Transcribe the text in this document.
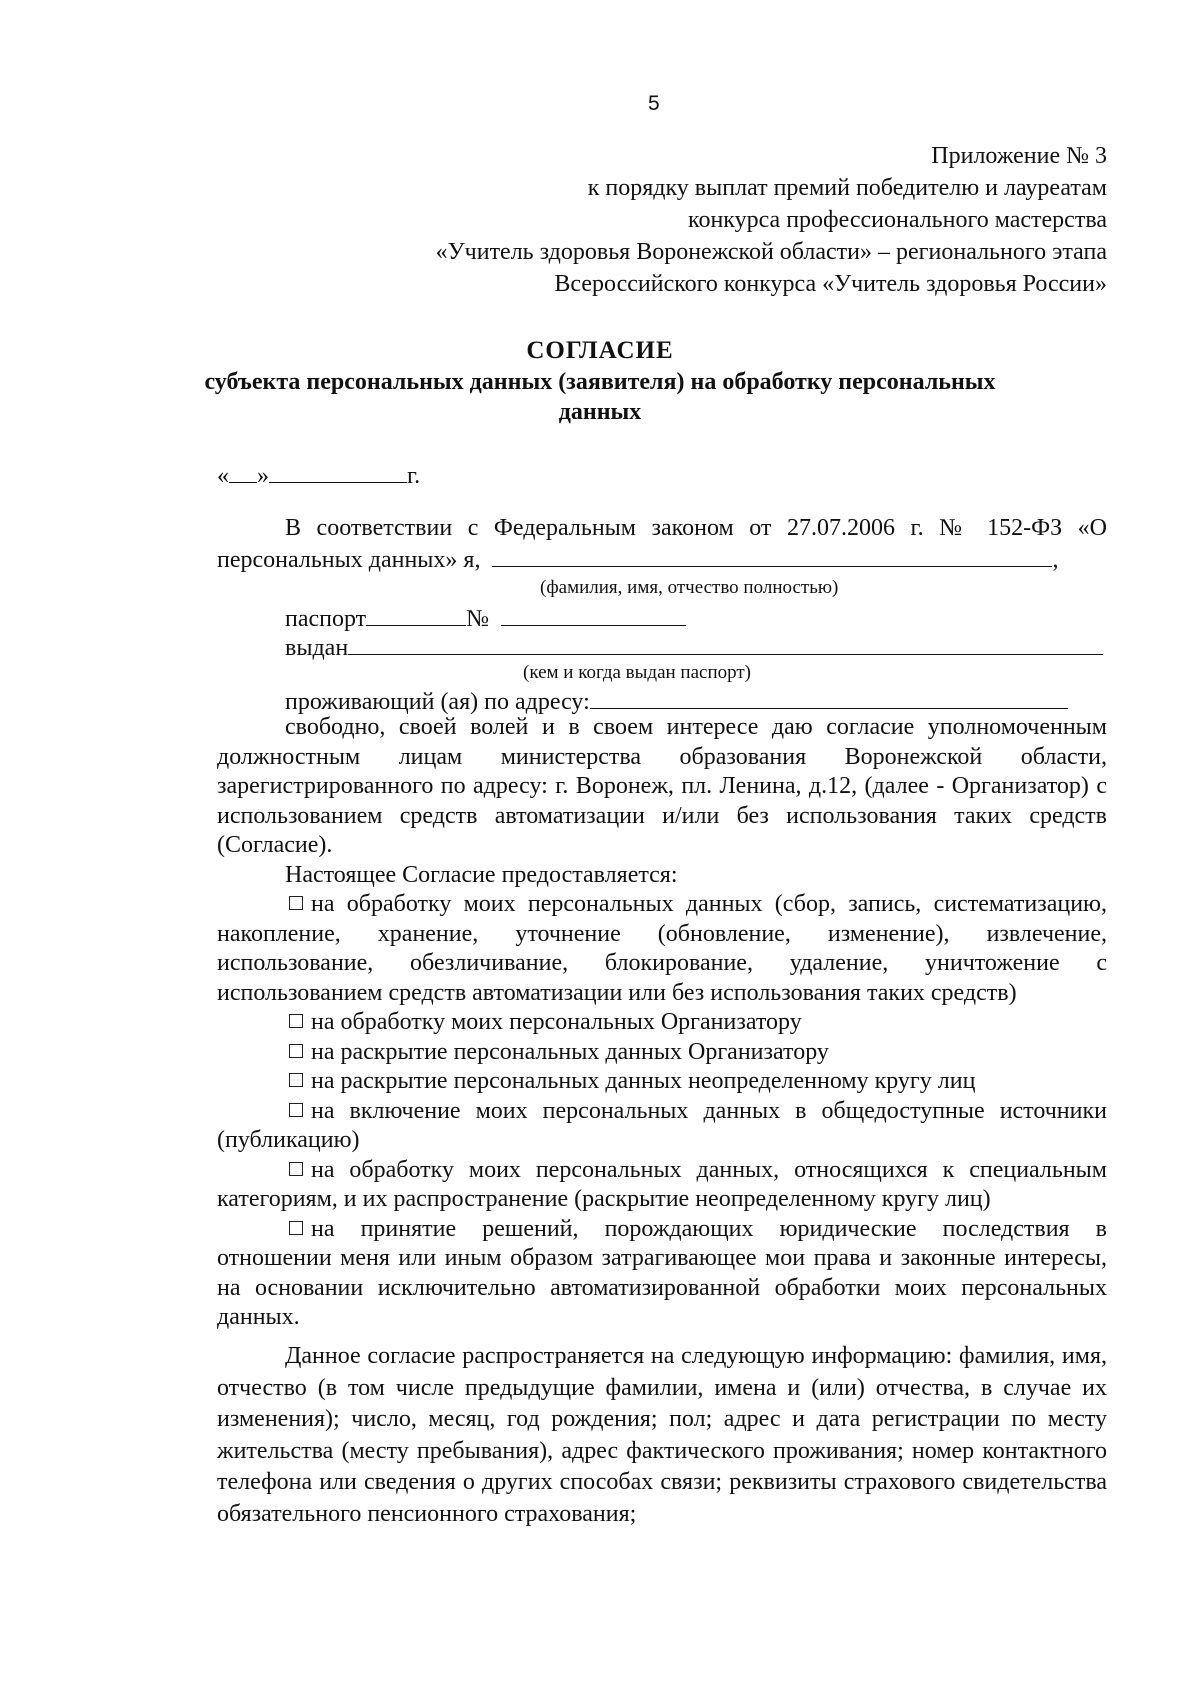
5
Приложение № 3
к порядку выплат премий победителю и лауреатам
конкурса профессионального мастерства
«Учитель здоровья Воронежской области» – регионального этапа
Всероссийского конкурса «Учитель здоровья России»
СОГЛАСИЕ
субъекта персональных данных (заявителя) на обработку персональных
данных
« »	г.
В соответствии с Федеральным законом от 27.07.2006 г. № 152-ФЗ «О
персональных данных» я,	,
(фамилия, имя, отчество полностью)
паспорт	№
выдан
(кем и когда выдан паспорт)
проживающий (ая) по адресу:

свободно, своей волей и в своем интересе даю согласие уполномоченным должностным лицам министерства образования Воронежской области, зарегистрированного по адресу: г. Воронеж, пл. Ленина, д.12, (далее - Организатор) с использованием средств автоматизации и/или без использования таких средств (Согласие).

Настоящее Согласие предоставляется:

на обработку моих персональных данных (сбор, запись, систематизацию, накопление, хранение, уточнение (обновление, изменение), извлечение, использование, обезличивание, блокирование, удаление, уничтожение с использованием средств автоматизации или без использования таких средств)

на обработку моих персональных Организатору

на раскрытие персональных данных Организатору

на раскрытие персональных данных неопределенному кругу лиц

на включение моих персональных данных в общедоступные источники (публикацию)

на обработку моих персональных данных, относящихся к специальным категориям, и их распространение (раскрытие неопределенному кругу лиц)

на принятие решений, порождающих юридические последствия в отношении меня или иным образом затрагивающее мои права и законные интересы, на основании исключительно автоматизированной обработки моих персональных данных.

Данное согласие распространяется на следующую информацию: фамилия, имя, отчество (в том числе предыдущие фамилии, имена и (или) отчества, в случае их изменения); число, месяц, год рождения; пол; адрес и дата регистрации по месту жительства (месту пребывания), адрес фактического проживания; номер контактного телефона или сведения о других способах связи; реквизиты страхового свидетельства обязательного пенсионного страхования;
